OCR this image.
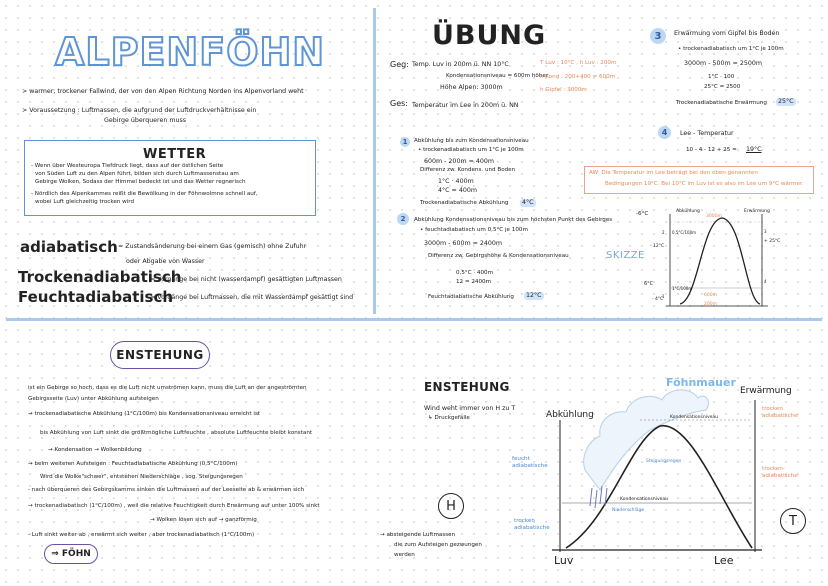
ALPENFÖHN
> warmer, trockener Fallwind, der von den Alpen Richtung Norden ins Alpenvorland weht
> Voraussetzung : Luftmassen, die aufgrund der Luftdruckverhältnisse ein
Gebirge überqueren muss
WETTER
- Wenn über Westeuropa Tiefdruck liegt, dass auf der östlichen Seite
von Süden Luft zu den Alpen führt, bilden sich durch Luftmassenstau am
Gebirge Wolken, Sodass der Himmel bedeckt ist und das Wetter regnerisch
- Nördlich des Alpenkammes reißt die Bewölkung in der Föhnwolmne schnell auf,
wobei Luft gleichzeitig trocken wird
adiabatisch = Zustandsänderung bei einem Gas (gemisch) ohne Zufuhr
oder Abgabe von Wasser
Trockenadiabatisch
= Vorgänge bei nicht (wasserdampf) gesättigten Luftmassen
Feuchtadiabatisch
= Vorgänge bei Luftmassen, die mit Wasserdampf gesättigt sind
ÜBUNG
Geg: Temp. Luv in 200m ü. NN 10°C
Kondensationsniveau = 600m höher
Höhe Alpen: 3000m
T Luv : 10°C , h Luv : 200m
h Kond : 200+400 = 600m
h Gipfel : 3000m
Ges: Temperatur im Lee in 200m ü. NN
1	Abkühlung bis zum Kondensationsniveau
• trockenadiabatisch um 1°C je 100m
600m - 200m = 400m
Differenz zw. Kondens. und Boden
1°C · 400m
4°C = 400m
Trockenadiabatische Abkühlung	4°C
2	Abkühlung Kondensationsniveau bis zum höchsten Punkt des Gebirges
• feuchtadiabatisch um 0,5°C je 100m
3000m - 600m = 2400m
Differenz zw. Gebirgshöhe & Kondensationsniveau
0,5°C · 400m
12 = 2400m
Feuchtadiabatische Abkühlung	12°C
3	Erwärmung vom Gipfel bis Boden
• trockenadiabatisch um 1°C je 100m
3000m - 500m = 2500m
1°C · 100
25°C = 2500
Trockenadiabatische Erwärmung	25°C
4	Lee - Temperatur
10 - 4 - 12 + 25 = 19°C
AW: Die Temperatur im Lee beträgt bei den oben genannten
Bedingungen 19°C. Bei 10°C im Luv ist es also im Lee um 9°C wärmer.
SKIZZE
-6°C	Abkühlung	Erwärmung
3000m
+ 25°C
- 12°C
0,5°C/100m
1°C/100m
600m
200m
6°C
- 4°C
1
2	3
4
ENSTEHUNG
ist ein Gebirge so hoch, dass es die Luft nicht umströmen kann, muss die Luft an der angeströmten
Gebirgsseite (Luv) unter Abkühlung aufsteigen
→ trockenadiabatische Abkühlung (1°C/100m) bis Kondensationsniveau erreicht ist
bis Abkühlung von Luft sinkt die größtmögliche Luftfeuchte , absolute Luftfeuchte bleibt konstant
→ Kondensation → Wolkenbildung
→ beim weiteren Aufsteigen : Feuchtadiabatische Abkühlung (0,5°C/100m)
Wird die Wolke"schwer", entstehen Niederschläge , sog. Steigungsregen
- nach überqueren des Gebirgskamms sinken die Luftmassen auf der Leeseite ab & erwärmen sich
→ trockenadiabatisch (1°C/100m) , weil die relative Feuchtigkeit durch Erwärmung auf unter 100% sinkt
→ Wolken lösen sich auf → ganzförmig
- Luft sinkt weiter ab , erwärmt sich weiter , aber trockenadiabatisch (1°C/100m)
⇒ FÖHN
ENSTEHUNG
Wind weht immer von H zu T
↳ Druckgefälle
H
T
→ absteigende Luftmassen
die zum Aufsteigen gezwungen
werden
Föhnmauer
Abkühlung
Erwärmung
feucht adiabatische
trocken adiabatische
Kondensationsniveau
Kondensationsniveau
Steigungsregen
Niederschläge
trocken adiabatische
trocken- adiabatische
Luv	Lee
